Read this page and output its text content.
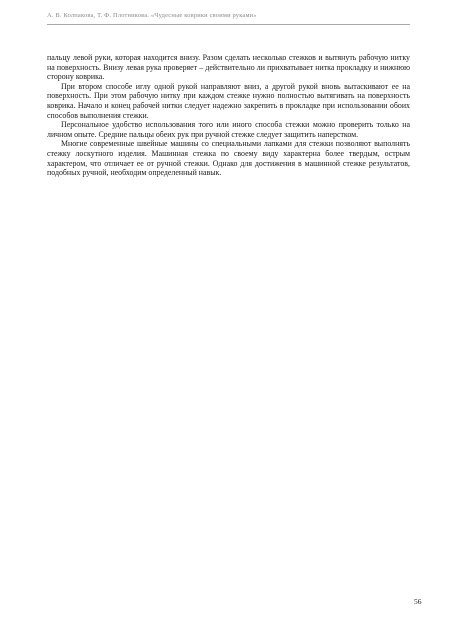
А. В. Колпакова, Т. Ф. Плотникова. «Чудесные коврики своими руками»

пальцу левой руки, которая находится внизу. Разом сделать несколько стежков и вытянуть рабочую нитку на поверхность. Внизу левая рука проверяет – действительно ли прихватывает нитка прокладку и нижнюю сторону коврика.

При втором способе иглу одной рукой направляют вниз, а другой рукой вновь вытаскивают ее на поверхность. При этом рабочую нитку при каждом стежке нужно полностью вытягивать на поверхность коврика. Начало и конец рабочей нитки следует надежно закрепить в прокладке при использовании обоих способов выполнения стежки.

Персональное удобство использования того или иного способа стежки можно проверить только на личном опыте. Средние пальцы обеих рук при ручной стежке следует защитить наперстком.

Многие современные швейные машины со специальными лапками для стежки позволяют выполнять стежку лоскутного изделия. Машинная стежка по своему виду характерна более твердым, острым характером, что отличает ее от ручной стежки. Однако для достижения в машинной стежке результатов, подобных ручной, необходим определенный навык.

56
